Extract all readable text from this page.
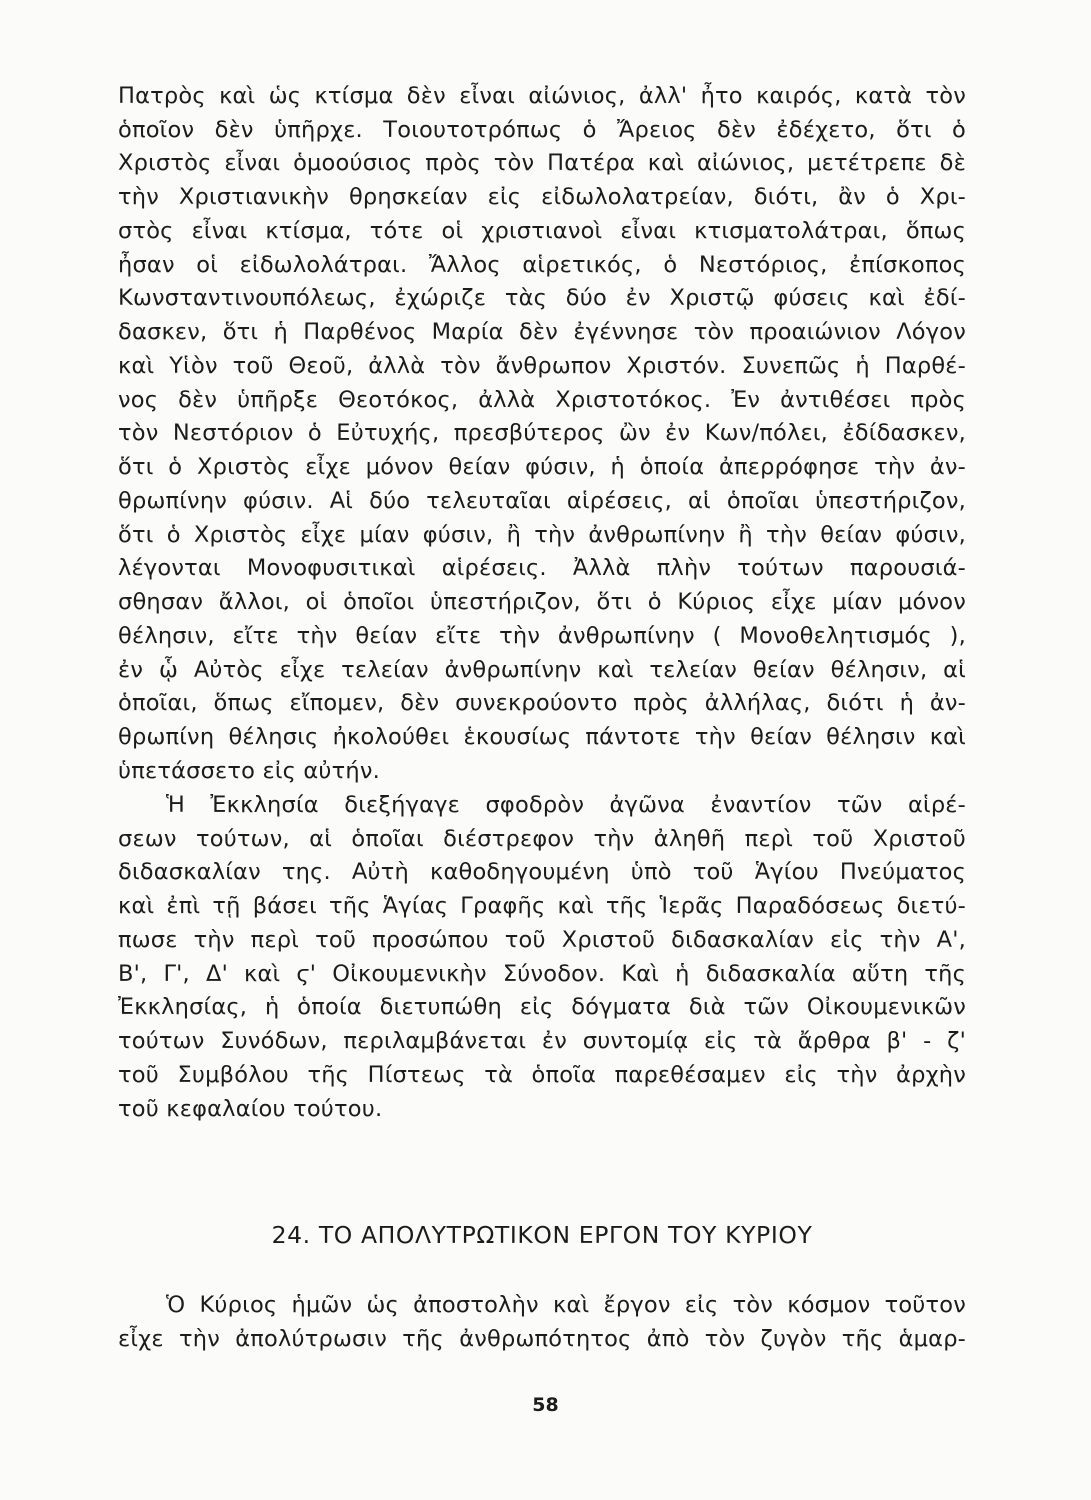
Πατρὸς καὶ ὡς κτίσμα δὲν εἶναι αἰώνιος, ἀλλ' ἦτο καιρός, κατὰ τὸν
ὁποῖον δὲν ὑπῆρχε. Τοιουτοτρόπως ὁ Ἄρειος δὲν ἐδέχετο, ὅτι ὁ
Χριστὸς εἶναι ὁμοούσιος πρὸς τὸν Πατέρα καὶ αἰώνιος, μετέτρεπε δὲ
τὴν Χριστιανικὴν θρησκείαν εἰς εἰδωλολατρείαν, διότι, ἂν ὁ Χρι-
στὸς εἶναι κτίσμα, τότε οἱ χριστιανοὶ εἶναι κτισματολάτραι, ὅπως
ἦσαν οἱ εἰδωλολάτραι. Ἄλλος αἱρετικός, ὁ Νεστόριος, ἐπίσκοπος
Κωνσταντινουπόλεως, ἐχώριζε τὰς δύο ἐν Χριστῷ φύσεις καὶ ἐδί-
δασκεν, ὅτι ἡ Παρθένος Μαρία δὲν ἐγέννησε τὸν προαιώνιον Λόγον
καὶ Υἱὸν τοῦ Θεοῦ, ἀλλὰ τὸν ἄνθρωπον Χριστόν. Συνεπῶς ἡ Παρθέ-
νος δὲν ὑπῆρξε Θεοτόκος, ἀλλὰ Χριστοτόκος. Ἐν ἀντιθέσει πρὸς
τὸν Νεστόριον ὁ Εὐτυχής, πρεσβύτερος ὢν ἐν Κων/πόλει, ἐδίδασκεν,
ὅτι ὁ Χριστὸς εἶχε μόνον θείαν φύσιν, ἡ ὁποία ἀπερρόφησε τὴν ἀν-
θρωπίνην φύσιν. Αἱ δύο τελευταῖαι αἱρέσεις, αἱ ὁποῖαι ὑπεστήριζον,
ὅτι ὁ Χριστὸς εἶχε μίαν φύσιν, ἢ τὴν ἀνθρωπίνην ἢ τὴν θείαν φύσιν,
λέγονται Μονοφυσιτικαὶ αἱρέσεις. Ἀλλὰ πλὴν τούτων παρουσιά-
σθησαν ἄλλοι, οἱ ὁποῖοι ὑπεστήριζον, ὅτι ὁ Κύριος εἶχε μίαν μόνον
θέλησιν, εἴτε τὴν θείαν εἴτε τὴν ἀνθρωπίνην ( Μονοθελητισμός ),
ἐν ᾧ Αὐτὸς εἶχε τελείαν ἀνθρωπίνην καὶ τελείαν θείαν θέλησιν, αἱ
ὁποῖαι, ὅπως εἴπομεν, δὲν συνεκρούοντο πρὸς ἀλλήλας, διότι ἡ ἀν-
θρωπίνη θέλησις ἠκολούθει ἑκουσίως πάντοτε τὴν θείαν θέλησιν καὶ
ὑπετάσσετο εἰς αὐτήν.
Ἡ Ἐκκλησία διεξήγαγε σφοδρὸν ἀγῶνα ἐναντίον τῶν αἱρέ-
σεων τούτων, αἱ ὁποῖαι διέστρεφον τὴν ἀληθῆ περὶ τοῦ Χριστοῦ
διδασκαλίαν της. Αὐτὴ καθοδηγουμένη ὑπὸ τοῦ Ἁγίου Πνεύματος
καὶ ἐπὶ τῇ βάσει τῆς Ἁγίας Γραφῆς καὶ τῆς Ἱερᾶς Παραδόσεως διετύ-
πωσε τὴν περὶ τοῦ προσώπου τοῦ Χριστοῦ διδασκαλίαν εἰς τὴν Α',
Β', Γ', Δ' καὶ ϛ' Οἰκουμενικὴν Σύνοδον. Καὶ ἡ διδασκαλία αὕτη τῆς
Ἐκκλησίας, ἡ ὁποία διετυπώθη εἰς δόγματα διὰ τῶν Οἰκουμενικῶν
τούτων Συνόδων, περιλαμβάνεται ἐν συντομίᾳ εἰς τὰ ἄρθρα β' - ζ'
τοῦ Συμβόλου τῆς Πίστεως τὰ ὁποῖα παρεθέσαμεν εἰς τὴν ἀρχὴν
τοῦ κεφαλαίου τούτου.
24. ΤΟ ΑΠΟΛΥΤΡΩΤΙΚΟΝ ΕΡΓΟΝ ΤΟΥ ΚΥΡΙΟΥ
Ὁ Κύριος ἡμῶν ὡς ἀποστολὴν καὶ ἔργον εἰς τὸν κόσμον τοῦτον
εἶχε τὴν ἀπολύτρωσιν τῆς ἀνθρωπότητος ἀπὸ τὸν ζυγὸν τῆς ἁμαρ-
58
